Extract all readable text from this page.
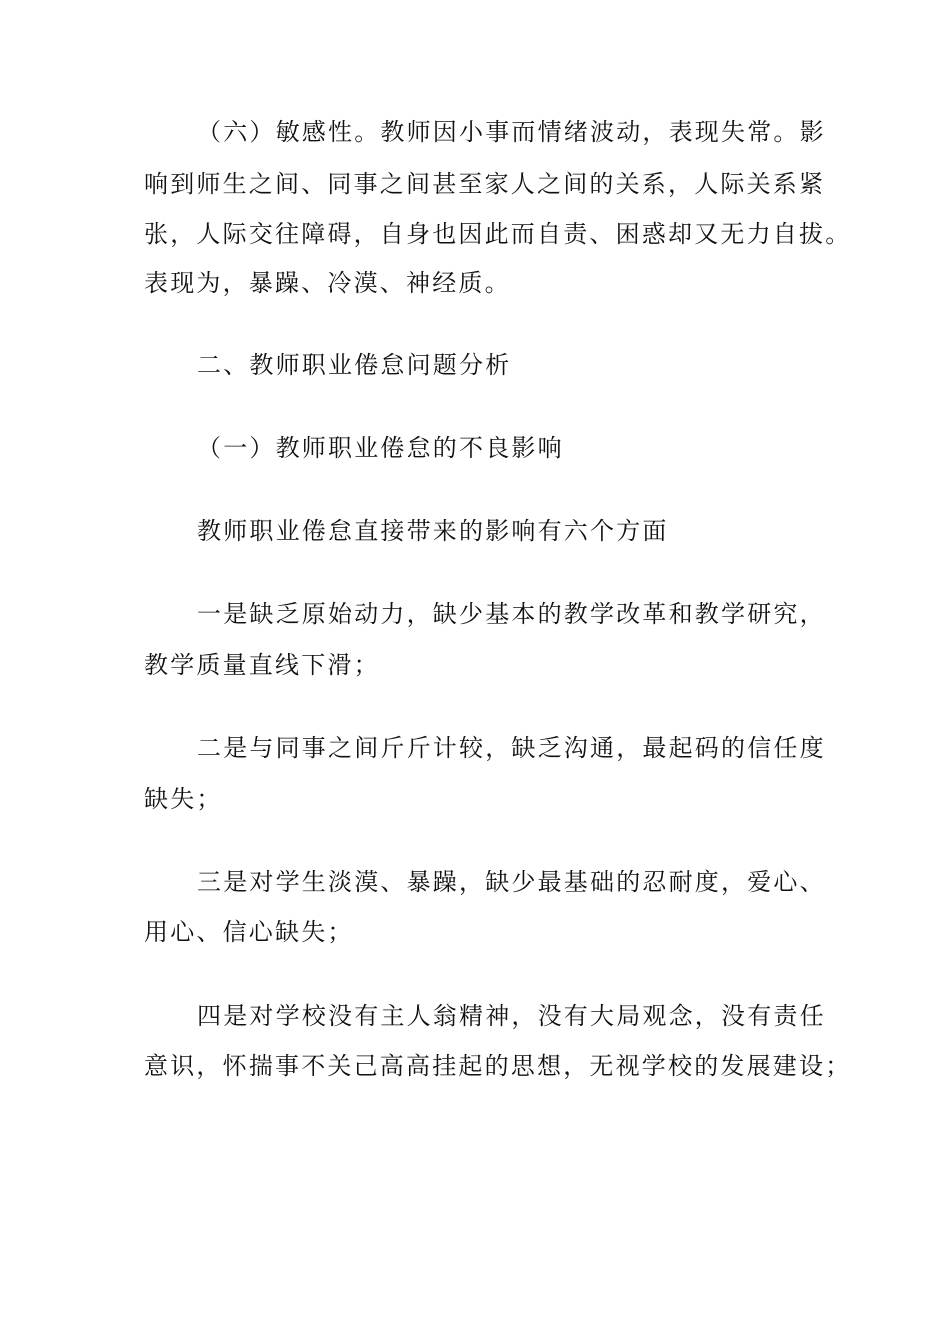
（六）敏感性。教师因小事而情绪波动，表现失常。影

响到师生之间、同事之间甚至家人之间的关系，人际关系紧

张，人际交往障碍，自身也因此而自责、困惑却又无力自拔。

表现为，暴躁、冷漠、神经质。

二、教师职业倦怠问题分析

（一）教师职业倦怠的不良影响

教师职业倦怠直接带来的影响有六个方面

一是缺乏原始动力，缺少基本的教学改革和教学研究，

教学质量直线下滑；

二是与同事之间斤斤计较，缺乏沟通，最起码的信任度

缺失；

三是对学生淡漠、暴躁，缺少最基础的忍耐度，爱心、

用心、信心缺失；

四是对学校没有主人翁精神，没有大局观念，没有责任

意识，怀揣事不关己高高挂起的思想，无视学校的发展建设；
